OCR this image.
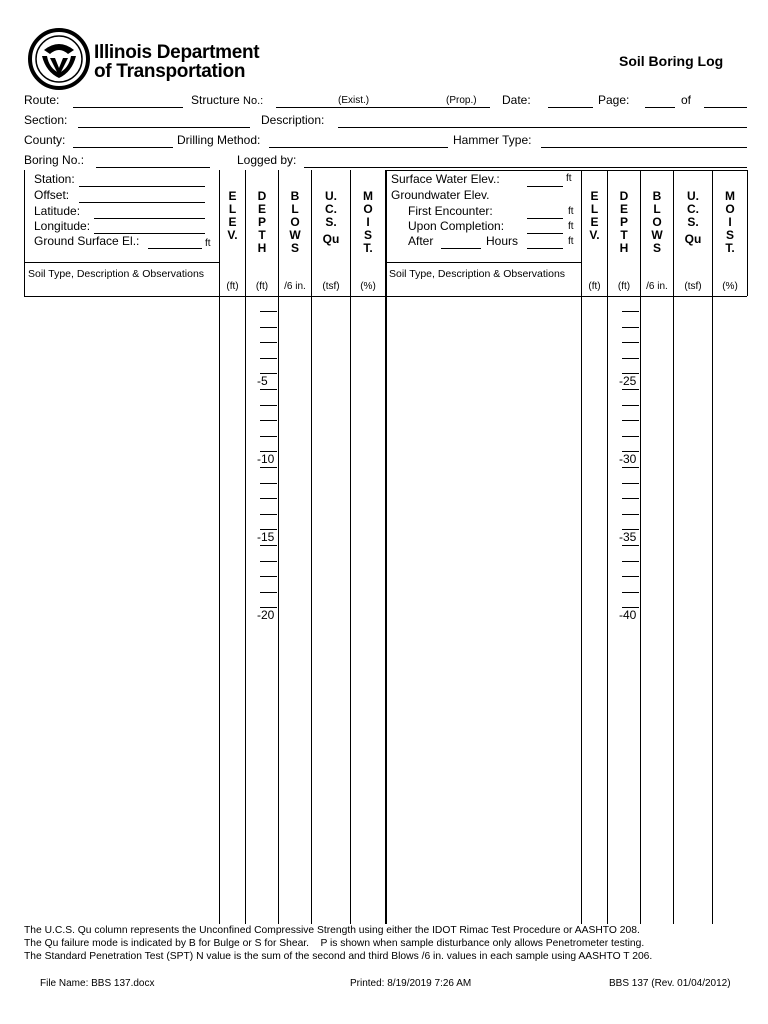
Illinois Department
of Transportation	Soil Boring Log
Route:	Structure No.:	(Exist.)	(Prop.) Date:	Page:	of
Section:	Description:
County:	Drilling Method:	Hammer Type:
Boring No.:	Logged by:
Station:
Offset:
Latitude:
Longitude:
Ground Surface El.:	ft
Soil Type, Description & Observations
Surface Water Elev.:	ft
Groundwater Elev.
First Encounter:	ft
Upon Completion:	ft
After	Hours	ft
Soil Type, Description & Observations
E
L
E
V.
D
E
P
T
H
B
L
O
W
S
U.
C.
S.
Qu
M
O
I
S
T.
(ft)	(ft)	/6 in.	(tsf)	(%)
E
L
E
V.
D
E
P
T
H
B
L
O
W
S
U.
C.
S.
Qu
M
O
I
S
T.
(ft)	(ft)	/6 in.	(tsf)	(%)
-5
-10
-15
-20
-25
-30
-35
-40
The U.C.S. Qu column represents the Unconfined Compressive Strength using either the IDOT Rimac Test Procedure or AASHTO 208.
The Qu failure mode is indicated by B for Bulge or S for Shear.    P is shown when sample disturbance only allows Penetrometer testing.
The Standard Penetration Test (SPT) N value is the sum of the second and third Blows /6 in. values in each sample using AASHTO T 206.
File Name: BBS 137.docx	Printed: 8/19/2019 7:26 AM	BBS 137 (Rev. 01/04/2012)
